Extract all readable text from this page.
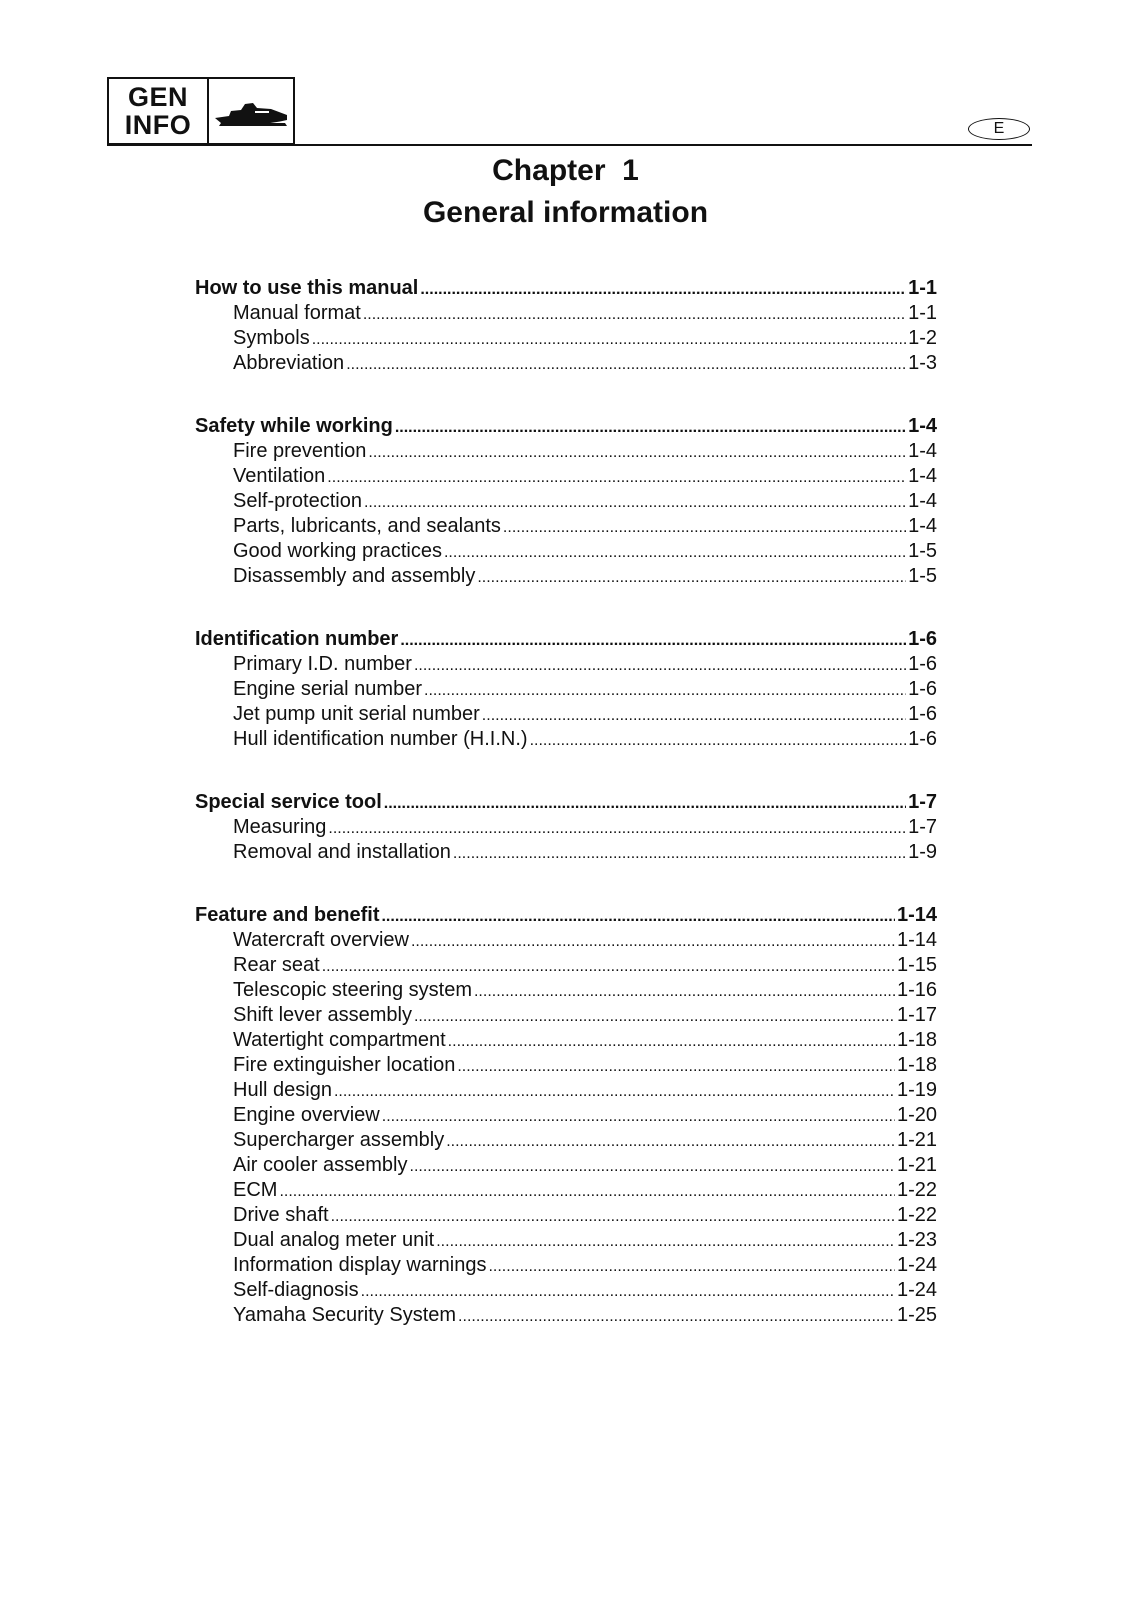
GEN
INFO	E
Chapter  1
General information
How to use this manual .....	1-1
Manual format .....	1-1
Symbols .....	1-2
Abbreviation .....	1-3
Safety while working .....	1-4
Fire prevention .....	1-4
Ventilation .....	1-4
Self-protection .....	1-4
Parts, lubricants, and sealants .....	1-4
Good working practices .....	1-5
Disassembly and assembly .....	1-5
Identification number .....	1-6
Primary I.D. number .....	1-6
Engine serial number .....	1-6
Jet pump unit serial number .....	1-6
Hull identification number (H.I.N.) .....	1-6
Special service tool .....	1-7
Measuring .....	1-7
Removal and installation .....	1-9
Feature and benefit .....	1-14
Watercraft overview .....	1-14
Rear seat .....	1-15
Telescopic steering system .....	1-16
Shift lever assembly .....	1-17
Watertight compartment .....	1-18
Fire extinguisher location .....	1-18
Hull design .....	1-19
Engine overview .....	1-20
Supercharger assembly .....	1-21
Air cooler assembly .....	1-21
ECM .....	1-22
Drive shaft .....	1-22
Dual analog meter unit .....	1-23
Information display warnings .....	1-24
Self-diagnosis .....	1-24
Yamaha Security System .....	1-25
